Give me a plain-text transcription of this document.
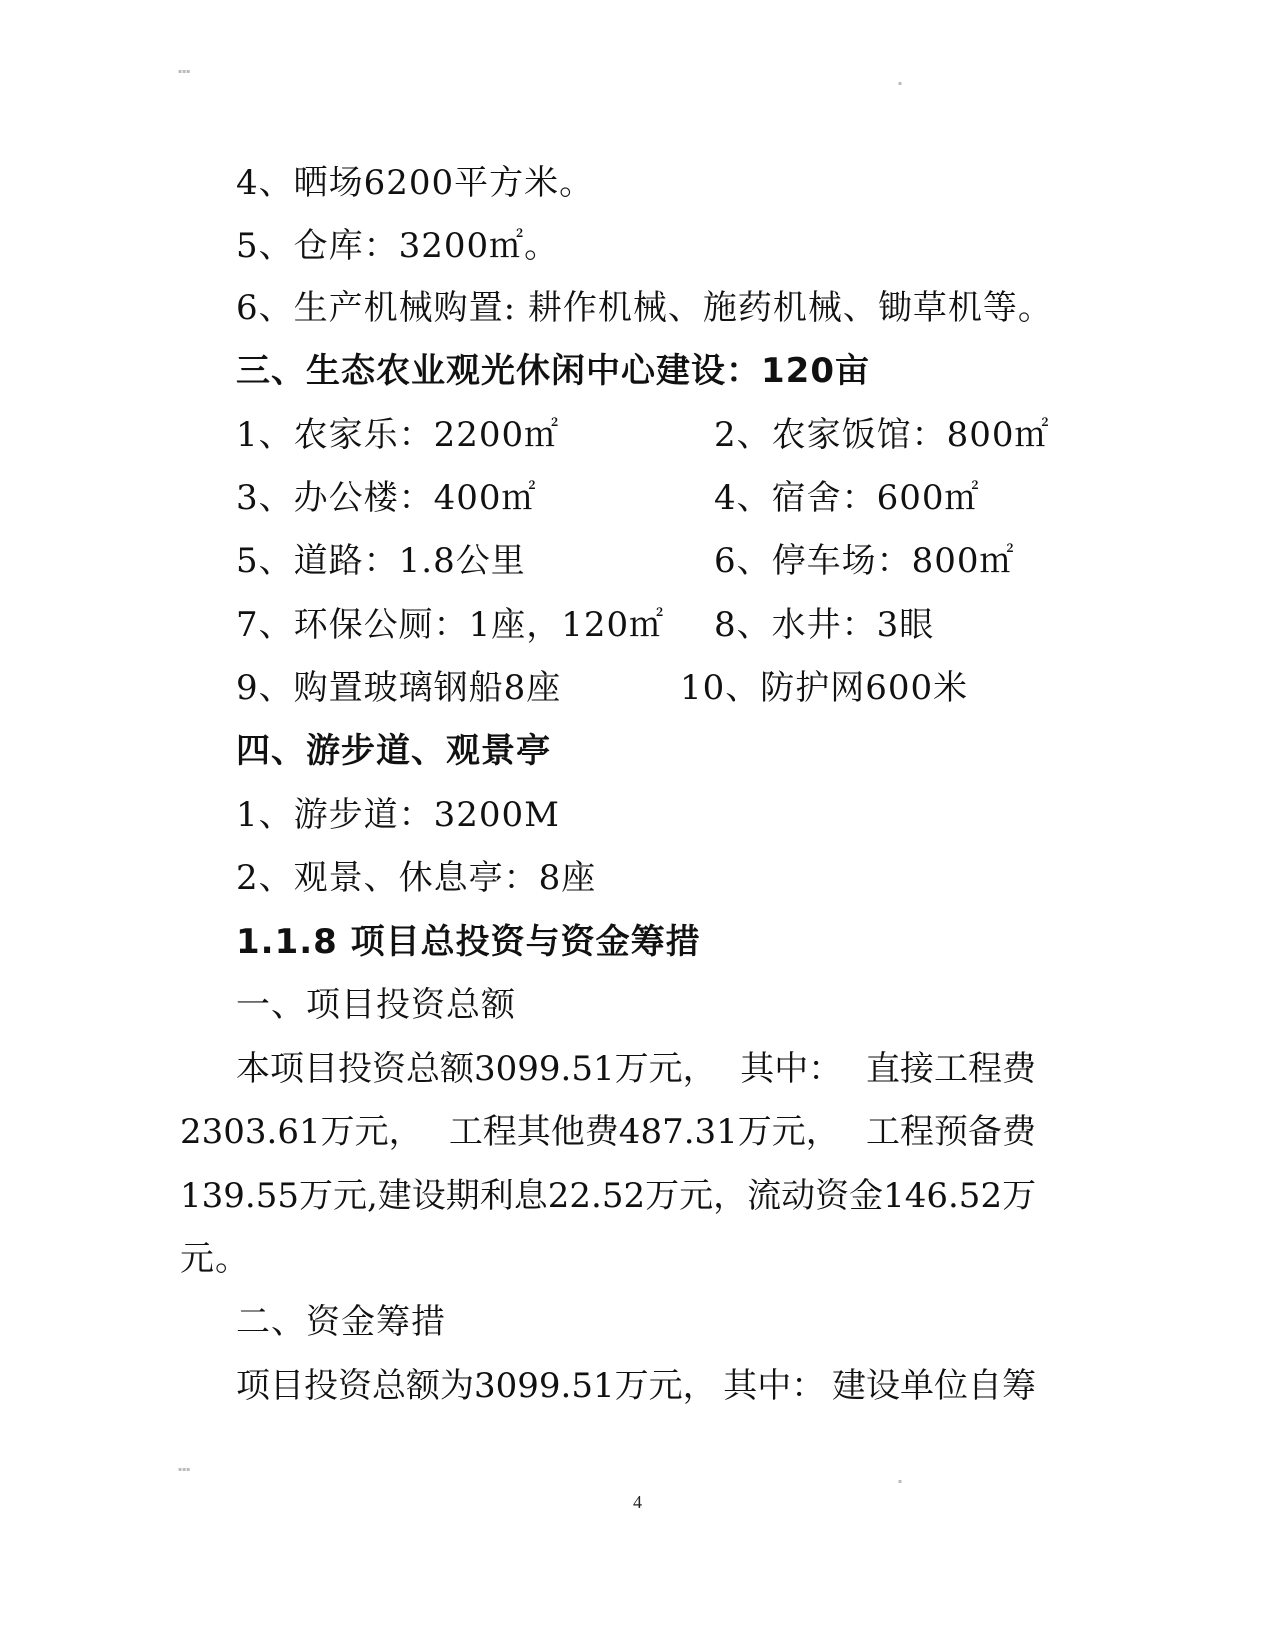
▪▪▪
▪
▪▪▪
▪
4、晒场6200平方米。
5、仓库：3200㎡。
6、生产机械购置: 耕作机械、施药机械、锄草机等。
三、生态农业观光休闲中心建设：120亩
1、农家乐：2200㎡	2、农家饭馆：800㎡
3、办公楼：400㎡	4、宿舍：600㎡
5、道路：1.8公里	6、停车场：800㎡
7、环保公厕：1座，120㎡ 8、水井：3眼
9、购置玻璃钢船8座	10、防护网600米
四、游步道、观景亭
1、游步道：3200M
2、观景、休息亭：8座
1.1.8 项目总投资与资金筹措
一、项目投资总额
本项目投资总额3099.51万元， 其中： 直接工程费
2303.61万元， 工程其他费487.31万元， 工程预备费
139.55万元,建设期利息22.52万元， 流动资金146.52万
元。
二、资金筹措
项目投资总额为3099.51万元， 其中： 建设单位自筹
4
